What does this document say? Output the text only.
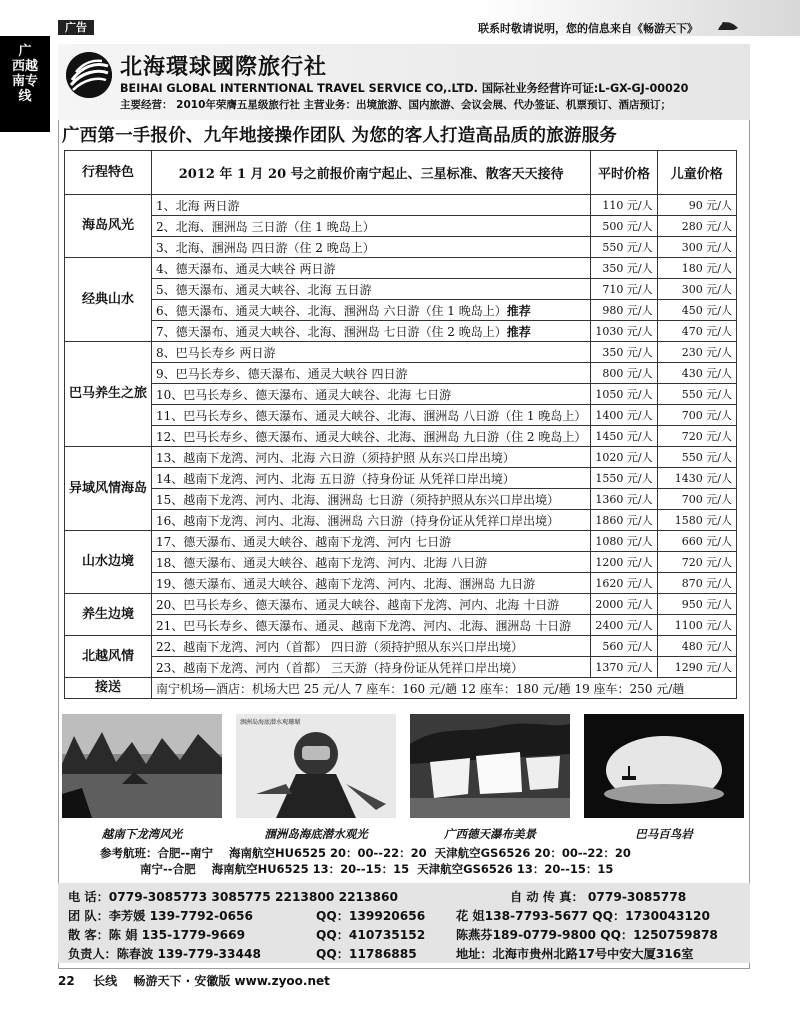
广告	联系时敬请说明，您的信息来自《畅游天下》
广
西越
南专
线
北海環球國際旅行社
BEIHAI GLOBAL INTERNTIONAL TRAVEL SERVICE CO,.LTD. 国际社业务经营许可证:L-GX-GJ-00020
主要经营： 2010年荣膺五星级旅行社 主营业务：出境旅游、国内旅游、会议会展、代办签证、机票预订、酒店预订；
广西第一手报价、九年地接操作团队 为您的客人打造高品质的旅游服务
行程特色	2012 年 1 月 20 号之前报价南宁起止、三星标准、散客天天接待	平时价格	儿童价格
海岛风光	1、北海 两日游	110 元/人	90 元/人
	2、北海、涠洲岛 三日游（住 1 晚岛上）	500 元/人	280 元/人
	3、北海、涠洲岛 四日游（住 2 晚岛上）	550 元/人	300 元/人
经典山水	4、德天瀑布、通灵大峡谷 两日游	350 元/人	180 元/人
	5、德天瀑布、通灵大峡谷、北海 五日游	710 元/人	300 元/人
	6、德天瀑布、通灵大峡谷、北海、涠洲岛 六日游（住 1 晚岛上）推荐	980 元/人	450 元/人
	7、德天瀑布、通灵大峡谷、北海、涠洲岛 七日游（住 2 晚岛上）推荐	1030 元/人	470 元/人
巴马养生之旅	8、巴马长寿乡 两日游	350 元/人	230 元/人
	9、巴马长寿乡、德天瀑布、通灵大峡谷 四日游	800 元/人	430 元/人
	10、巴马长寿乡、德天瀑布、通灵大峡谷、北海 七日游	1050 元/人	550 元/人
	11、巴马长寿乡、德天瀑布、通灵大峡谷、北海、涠洲岛 八日游（住 1 晚岛上）	1400 元/人	700 元/人
	12、巴马长寿乡、德天瀑布、通灵大峡谷、北海、涠洲岛 九日游（住 2 晚岛上）	1450 元/人	720 元/人
异域风情海岛	13、越南下龙湾、河内、北海 六日游（须持护照 从东兴口岸出境）	1020 元/人	550 元/人
	14、越南下龙湾、河内、北海 五日游（持身份证 从凭祥口岸出境）	1550 元/人	1430 元/人
	15、越南下龙湾、河内、北海、涠洲岛 七日游（须持护照从东兴口岸出境）	1360 元/人	700 元/人
	16、越南下龙湾、河内、北海、涠洲岛 六日游（持身份证从凭祥口岸出境）	1860 元/人	1580 元/人
山水边境	17、德天瀑布、通灵大峡谷、越南下龙湾、河内 七日游	1080 元/人	660 元/人
	18、德天瀑布、通灵大峡谷、越南下龙湾、河内、北海 八日游	1200 元/人	720 元/人
	19、德天瀑布、通灵大峡谷、越南下龙湾、河内、北海、涠洲岛 九日游	1620 元/人	870 元/人
养生边境	20、巴马长寿乡、德天瀑布、通灵大峡谷、越南下龙湾、河内、北海 十日游	2000 元/人	950 元/人
	21、巴马长寿乡、德天瀑布、通灵、越南下龙湾、河内、北海、涠洲岛 十日游	2400 元/人	1100 元/人
北越风情	22、越南下龙湾、河内（首都） 四日游（须持护照从东兴口岸出境）	560 元/人	480 元/人
	23、越南下龙湾、河内（首都） 三天游（持身份证从凭祥口岸出境）	1370 元/人	1290 元/人
接送	南宁机场—酒店：机场大巴 25 元/人 7 座车：160 元/趟 12 座车：180 元/趟 19 座车：250 元/趟		
涠洲岛海底潜水观珊瑚
越南下龙湾风光	涠洲岛海底潜水观光	广西德天瀑布美景	巴马百鸟岩
参考航班：合肥--南宁    海南航空HU6525 20：00--22：20  天津航空GS6526 20：00--22：20
南宁--合肥    海南航空HU6525 13：20--15：15  天津航空GS6526 13：20--15：15
电 话：0779-3085773 3085775 2213800 2213860	自 动 传 真： 0779-3085778
团 队：李芳媛 139-7792-0656	QQ：139920656	花 姐138-7793-5677 QQ：1730043120
散 客：陈 娟 135-1779-9669	QQ：410735152	陈燕芬189-0779-9800 QQ：1250759878
负责人：陈春波 139-779-33448	QQ：11786885	地址：北海市贵州北路17号中安大厦316室
22 长线 畅游天下 · 安徽版 www.zyoo.net
